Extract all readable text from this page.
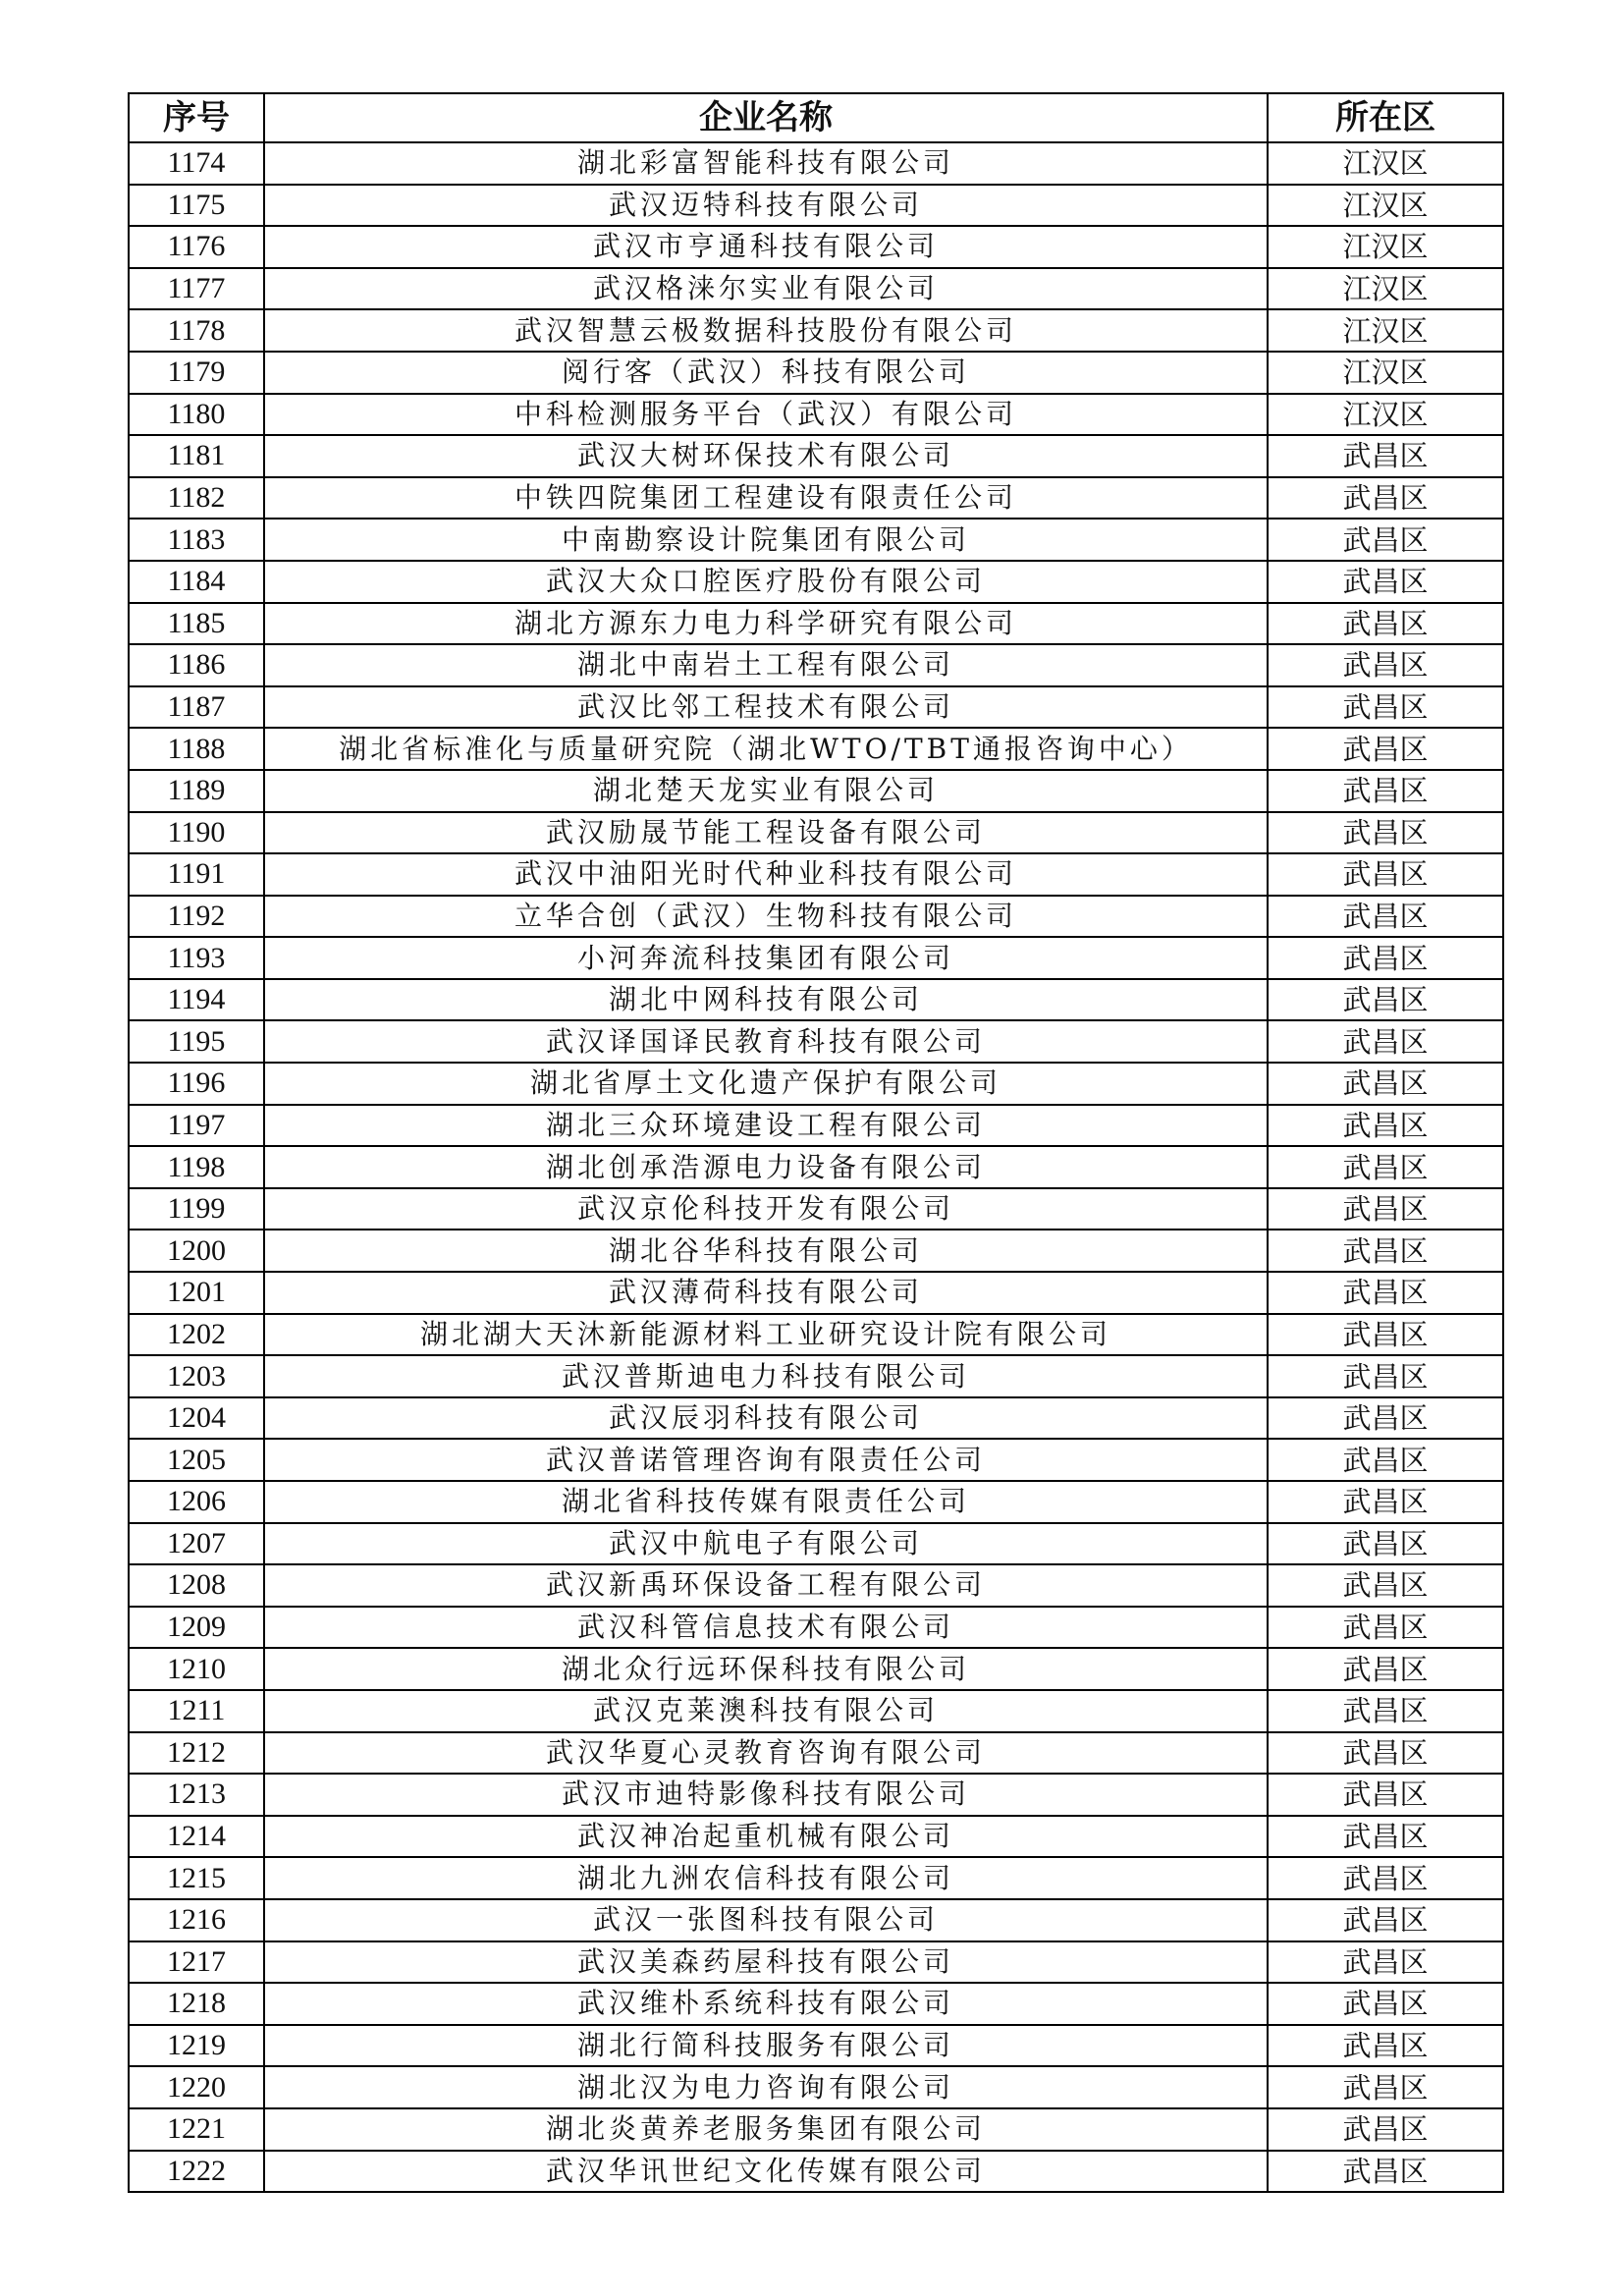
序号	企业名称	所在区
1174	湖北彩富智能科技有限公司	江汉区
1175	武汉迈特科技有限公司	江汉区
1176	武汉市亨通科技有限公司	江汉区
1177	武汉格涞尔实业有限公司	江汉区
1178	武汉智慧云极数据科技股份有限公司	江汉区
1179	阅行客（武汉）科技有限公司	江汉区
1180	中科检测服务平台（武汉）有限公司	江汉区
1181	武汉大树环保技术有限公司	武昌区
1182	中铁四院集团工程建设有限责任公司	武昌区
1183	中南勘察设计院集团有限公司	武昌区
1184	武汉大众口腔医疗股份有限公司	武昌区
1185	湖北方源东力电力科学研究有限公司	武昌区
1186	湖北中南岩土工程有限公司	武昌区
1187	武汉比邻工程技术有限公司	武昌区
1188	湖北省标准化与质量研究院（湖北WTO/TBT通报咨询中心）	武昌区
1189	湖北楚天龙实业有限公司	武昌区
1190	武汉励晟节能工程设备有限公司	武昌区
1191	武汉中油阳光时代种业科技有限公司	武昌区
1192	立华合创（武汉）生物科技有限公司	武昌区
1193	小河奔流科技集团有限公司	武昌区
1194	湖北中网科技有限公司	武昌区
1195	武汉译国译民教育科技有限公司	武昌区
1196	湖北省厚土文化遗产保护有限公司	武昌区
1197	湖北三众环境建设工程有限公司	武昌区
1198	湖北创承浩源电力设备有限公司	武昌区
1199	武汉京伦科技开发有限公司	武昌区
1200	湖北谷华科技有限公司	武昌区
1201	武汉薄荷科技有限公司	武昌区
1202	湖北湖大天沐新能源材料工业研究设计院有限公司	武昌区
1203	武汉普斯迪电力科技有限公司	武昌区
1204	武汉辰羽科技有限公司	武昌区
1205	武汉普诺管理咨询有限责任公司	武昌区
1206	湖北省科技传媒有限责任公司	武昌区
1207	武汉中航电子有限公司	武昌区
1208	武汉新禹环保设备工程有限公司	武昌区
1209	武汉科管信息技术有限公司	武昌区
1210	湖北众行远环保科技有限公司	武昌区
1211	武汉克莱澳科技有限公司	武昌区
1212	武汉华夏心灵教育咨询有限公司	武昌区
1213	武汉市迪特影像科技有限公司	武昌区
1214	武汉神冶起重机械有限公司	武昌区
1215	湖北九洲农信科技有限公司	武昌区
1216	武汉一张图科技有限公司	武昌区
1217	武汉美森药屋科技有限公司	武昌区
1218	武汉维朴系统科技有限公司	武昌区
1219	湖北行简科技服务有限公司	武昌区
1220	湖北汉为电力咨询有限公司	武昌区
1221	湖北炎黄养老服务集团有限公司	武昌区
1222	武汉华讯世纪文化传媒有限公司	武昌区
